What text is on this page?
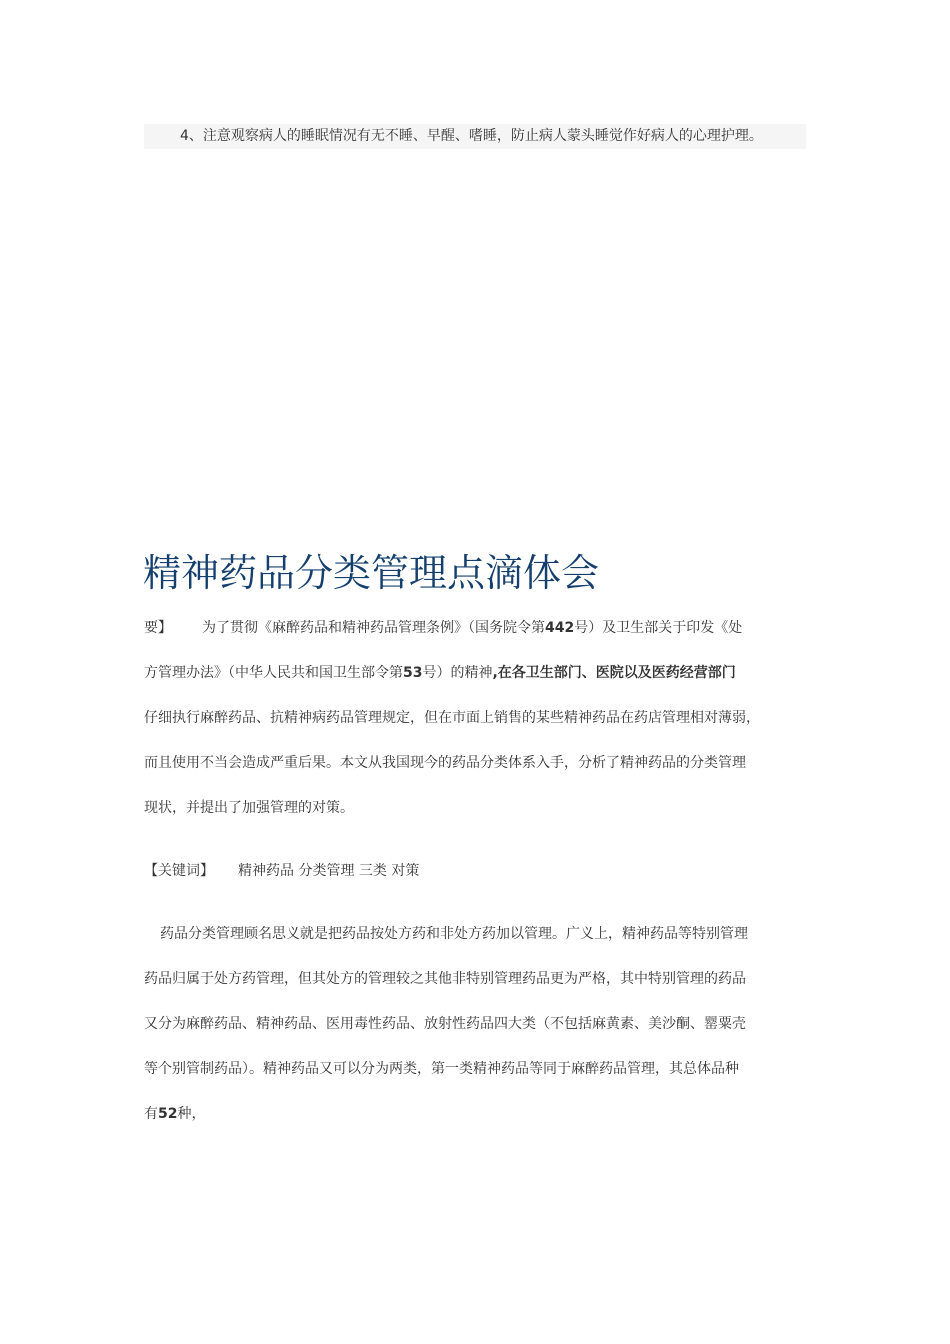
4、注意观察病人的睡眠情况有无不睡、早醒、嗜睡，防止病人蒙头睡觉作好病人的心理护理。
精神药品分类管理点滴体会
要】 为了贯彻《麻醉药品和精神药品管理条例》（国务院令第442号）及卫生部关于印发《处
方管理办法》（中华人民共和国卫生部令第53号）的精神,在各卫生部门、医院以及医药经营部门
仔细执行麻醉药品、抗精神病药品管理规定，但在市面上销售的某些精神药品在药店管理相对薄弱，
而且使用不当会造成严重后果。本文从我国现今的药品分类体系入手，分析了精神药品的分类管理
现状，并提出了加强管理的对策。
【关键词】 精神药品 分类管理 三类 对策
药品分类管理顾名思义就是把药品按处方药和非处方药加以管理。广义上，精神药品等特别管理
药品归属于处方药管理，但其处方的管理较之其他非特别管理药品更为严格，其中特别管理的药品
又分为麻醉药品、精神药品、医用毒性药品、放射性药品四大类（不包括麻黄素、美沙酮、罂粟壳
等个别管制药品）。精神药品又可以分为两类，第一类精神药品等同于麻醉药品管理，其总体品种
有52种，
